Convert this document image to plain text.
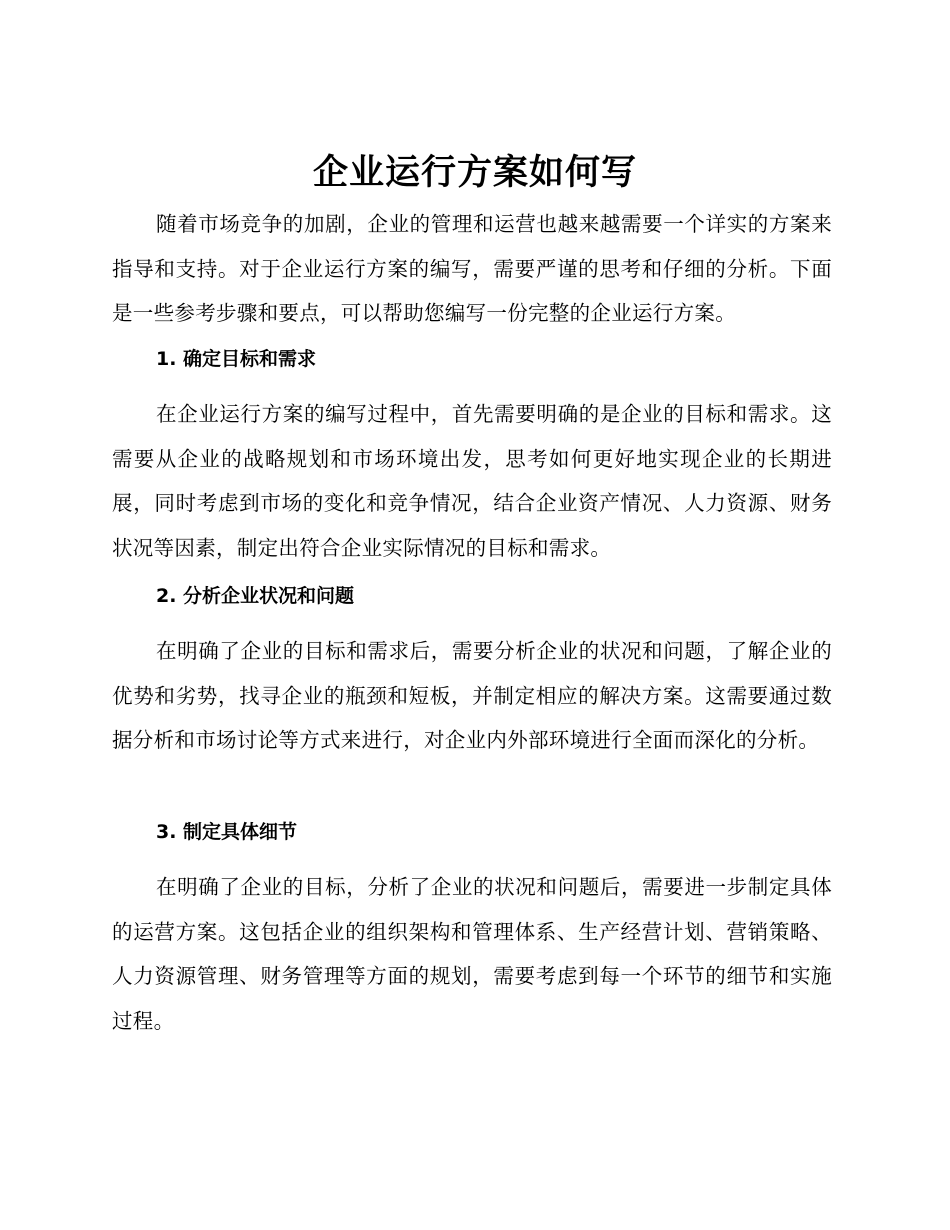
企业运行方案如何写

随着市场竞争的加剧，企业的管理和运营也越来越需要一个详实的方案来指导和支持。对于企业运行方案的编写，需要严谨的思考和仔细的分析。下面是一些参考步骤和要点，可以帮助您编写一份完整的企业运行方案。

1. 确定目标和需求

在企业运行方案的编写过程中，首先需要明确的是企业的目标和需求。这需要从企业的战略规划和市场环境出发，思考如何更好地实现企业的长期进展，同时考虑到市场的变化和竞争情况，结合企业资产情况、人力资源、财务状况等因素，制定出符合企业实际情况的目标和需求。

2. 分析企业状况和问题

在明确了企业的目标和需求后，需要分析企业的状况和问题，了解企业的优势和劣势，找寻企业的瓶颈和短板，并制定相应的解决方案。这需要通过数据分析和市场讨论等方式来进行，对企业内外部环境进行全面而深化的分析。

3. 制定具体细节

在明确了企业的目标，分析了企业的状况和问题后，需要进一步制定具体的运营方案。这包括企业的组织架构和管理体系、生产经营计划、营销策略、人力资源管理、财务管理等方面的规划，需要考虑到每一个环节的细节和实施过程。
